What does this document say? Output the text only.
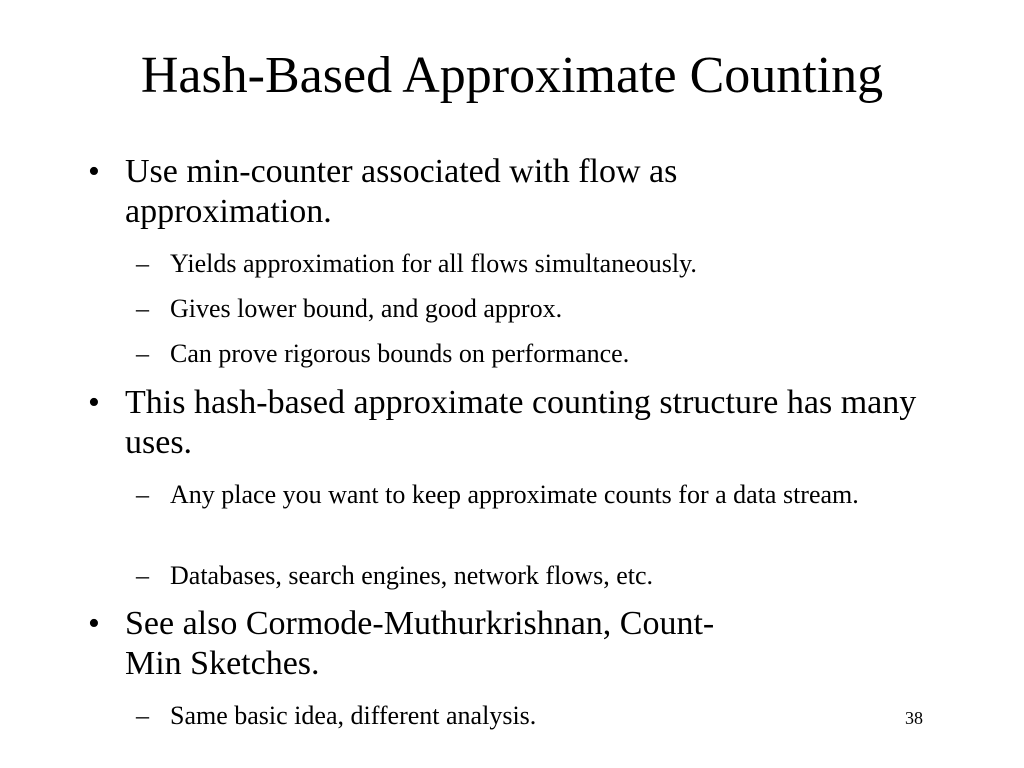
Hash-Based Approximate Counting
• Use min-counter associated with flow as approximation.
– Yields approximation for all flows simultaneously.
– Gives lower bound, and good approx.
– Can prove rigorous bounds on performance.
• This hash-based approximate counting structure has many uses.
– Any place you want to keep approximate counts for a data stream.
– Databases, search engines, network flows, etc.
• See also Cormode-Muthurkrishnan, Count-Min Sketches.
– Same basic idea, different analysis.	38
